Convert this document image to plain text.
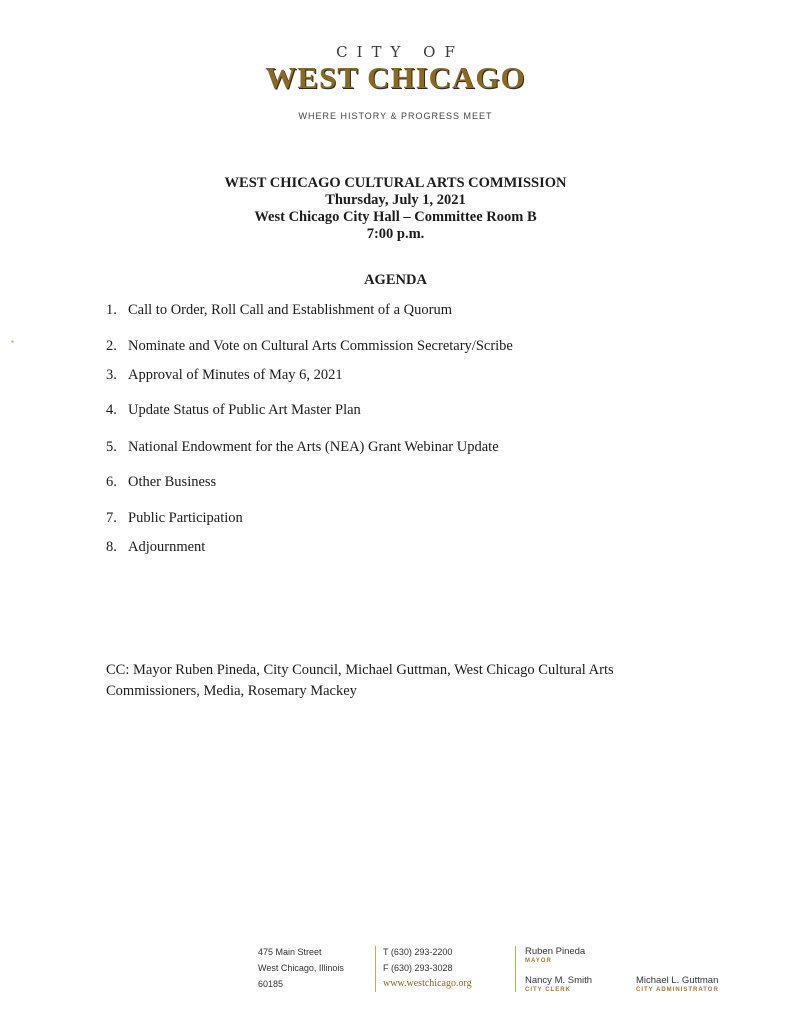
CITY OF
WEST CHICAGO
WHERE HISTORY & PROGRESS MEET
WEST CHICAGO CULTURAL ARTS COMMISSION
Thursday, July 1, 2021
West Chicago City Hall – Committee Room B
7:00 p.m.
AGENDA
1. Call to Order, Roll Call and Establishment of a Quorum
2. Nominate and Vote on Cultural Arts Commission Secretary/Scribe
3. Approval of Minutes of May 6, 2021
4. Update Status of Public Art Master Plan
5. National Endowment for the Arts (NEA) Grant Webinar Update
6. Other Business
7. Public Participation
8. Adjournment
CC: Mayor Ruben Pineda, City Council, Michael Guttman, West Chicago Cultural Arts Commissioners, Media, Rosemary Mackey
▪
475 Main Street
West Chicago, Illinois
60185
T (630) 293-2200
F (630) 293-3028
www.westchicago.org
Ruben Pineda
MAYOR
Nancy M. Smith
CITY CLERK
Michael L. Guttman
CITY ADMINISTRATOR
